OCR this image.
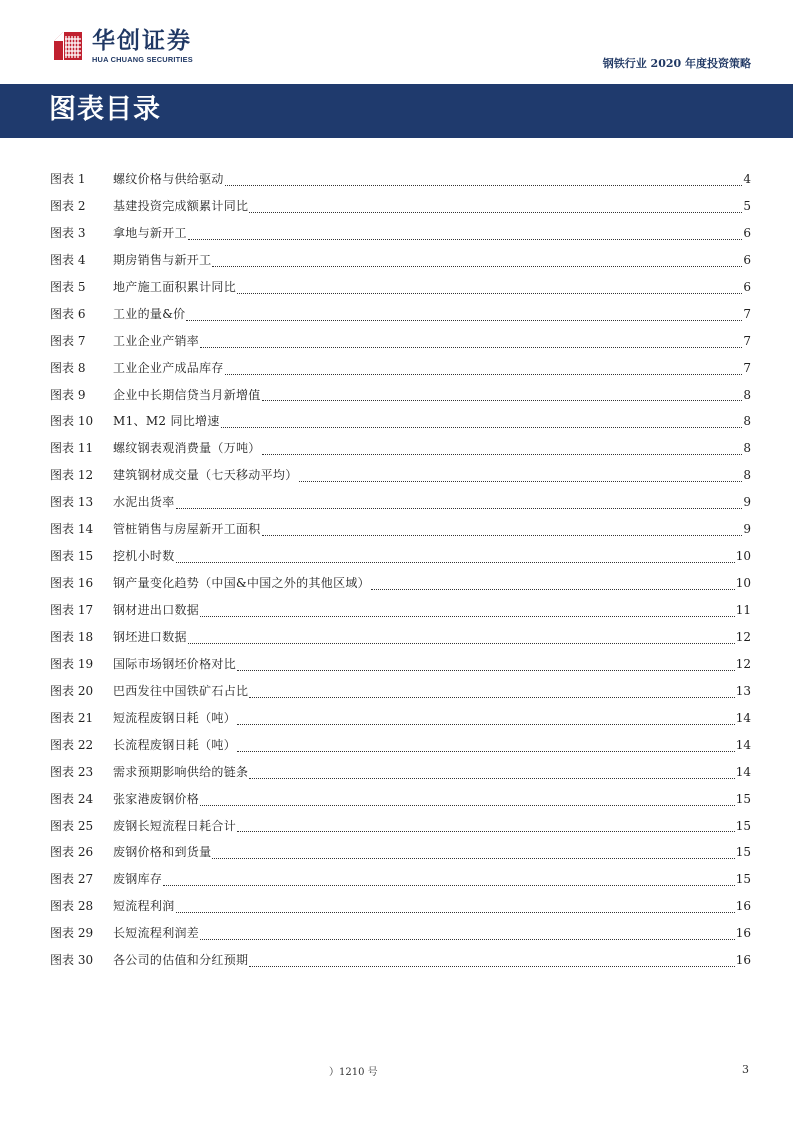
华创证券
HUA CHUANG SECURITIES	钢铁行业 2020 年度投资策略
图表目录
图表 1	螺纹价格与供给驱动	4
图表 2	基建投资完成额累计同比	5
图表 3	拿地与新开工	6
图表 4	期房销售与新开工	6
图表 5	地产施工面积累计同比	6
图表 6	工业的量&价	7
图表 7	工业企业产销率	7
图表 8	工业企业产成品库存	7
图表 9	企业中长期信贷当月新增值	8
图表 10	M1、M2 同比增速	8
图表 11	螺纹钢表观消费量（万吨）	8
图表 12	建筑钢材成交量（七天移动平均）	8
图表 13	水泥出货率	9
图表 14	管桩销售与房屋新开工面积	9
图表 15	挖机小时数	10
图表 16	钢产量变化趋势（中国&中国之外的其他区域）	10
图表 17	钢材进出口数据	11
图表 18	钢坯进口数据	12
图表 19	国际市场钢坯价格对比	12
图表 20	巴西发往中国铁矿石占比	13
图表 21	短流程废钢日耗（吨）	14
图表 22	长流程废钢日耗（吨）	14
图表 23	需求预期影响供给的链条	14
图表 24	张家港废钢价格	15
图表 25	废钢长短流程日耗合计	15
图表 26	废钢价格和到货量	15
图表 27	废钢库存	15
图表 28	短流程利润	16
图表 29	长短流程利润差	16
图表 30	各公司的估值和分红预期	16
）1210 号	3
